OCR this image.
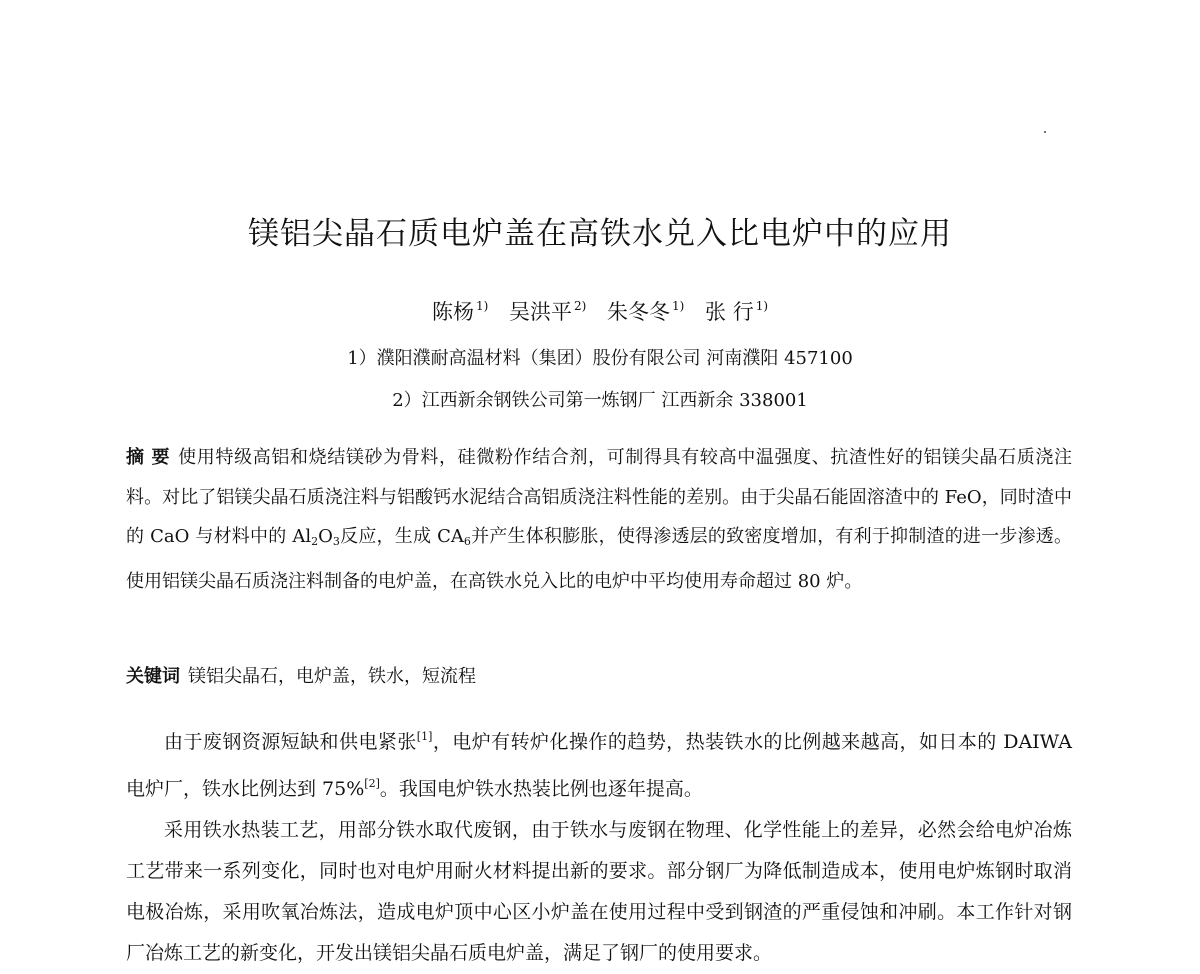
镁铝尖晶石质电炉盖在高铁水兑入比电炉中的应用
陈杨 $^{1)}$ 吴洪平 $^{2)}$ 朱冬冬 $^{1)}$ 张 行 $^{1)}$
1）濮阳濮耐高温材料（集团）股份有限公司 河南濮阳 457100
2）江西新余钢铁公司第一炼钢厂 江西新余 338001

摘 要 使用特级高铝和烧结镁砂为骨料，硅微粉作结合剂，可制得具有较高中温强度、抗渣性好的铝镁尖晶石质浇注料。对比了铝镁尖晶石质浇注料与铝酸钙水泥结合高铝质浇注料性能的差别。由于尖晶石能固溶渣中的 FeO，同时渣中的 CaO 与材料中的 $Al_2O_3$反应，生成 $CA_6$并产生体积膨胀，使得渗透层的致密度增加，有利于抑制渣的进一步渗透。使用铝镁尖晶石质浇注料制备的电炉盖，在高铁水兑入比的电炉中平均使用寿命超过 80 炉。

关键词 镁铝尖晶石，电炉盖，铁水，短流程

由于废钢资源短缺和供电紧张[1]，电炉有转炉化操作的趋势，热装铁水的比例越来越高，如日本的 DAIWA 电炉厂，铁水比例达到 75%[2]。我国电炉铁水热装比例也逐年提高。

采用铁水热装工艺，用部分铁水取代废钢，由于铁水与废钢在物理、化学性能上的差异，必然会给电炉冶炼工艺带来一系列变化，同时也对电炉用耐火材料提出新的要求。部分钢厂为降低制造成本，使用电炉炼钢时取消电极冶炼，采用吹氧冶炼法，造成电炉顶中心区小炉盖在使用过程中受到钢渣的严重侵蚀和冲刷。本工作针对钢厂冶炼工艺的新变化，开发出镁铝尖晶石质电炉盖，满足了钢厂的使用要求。
